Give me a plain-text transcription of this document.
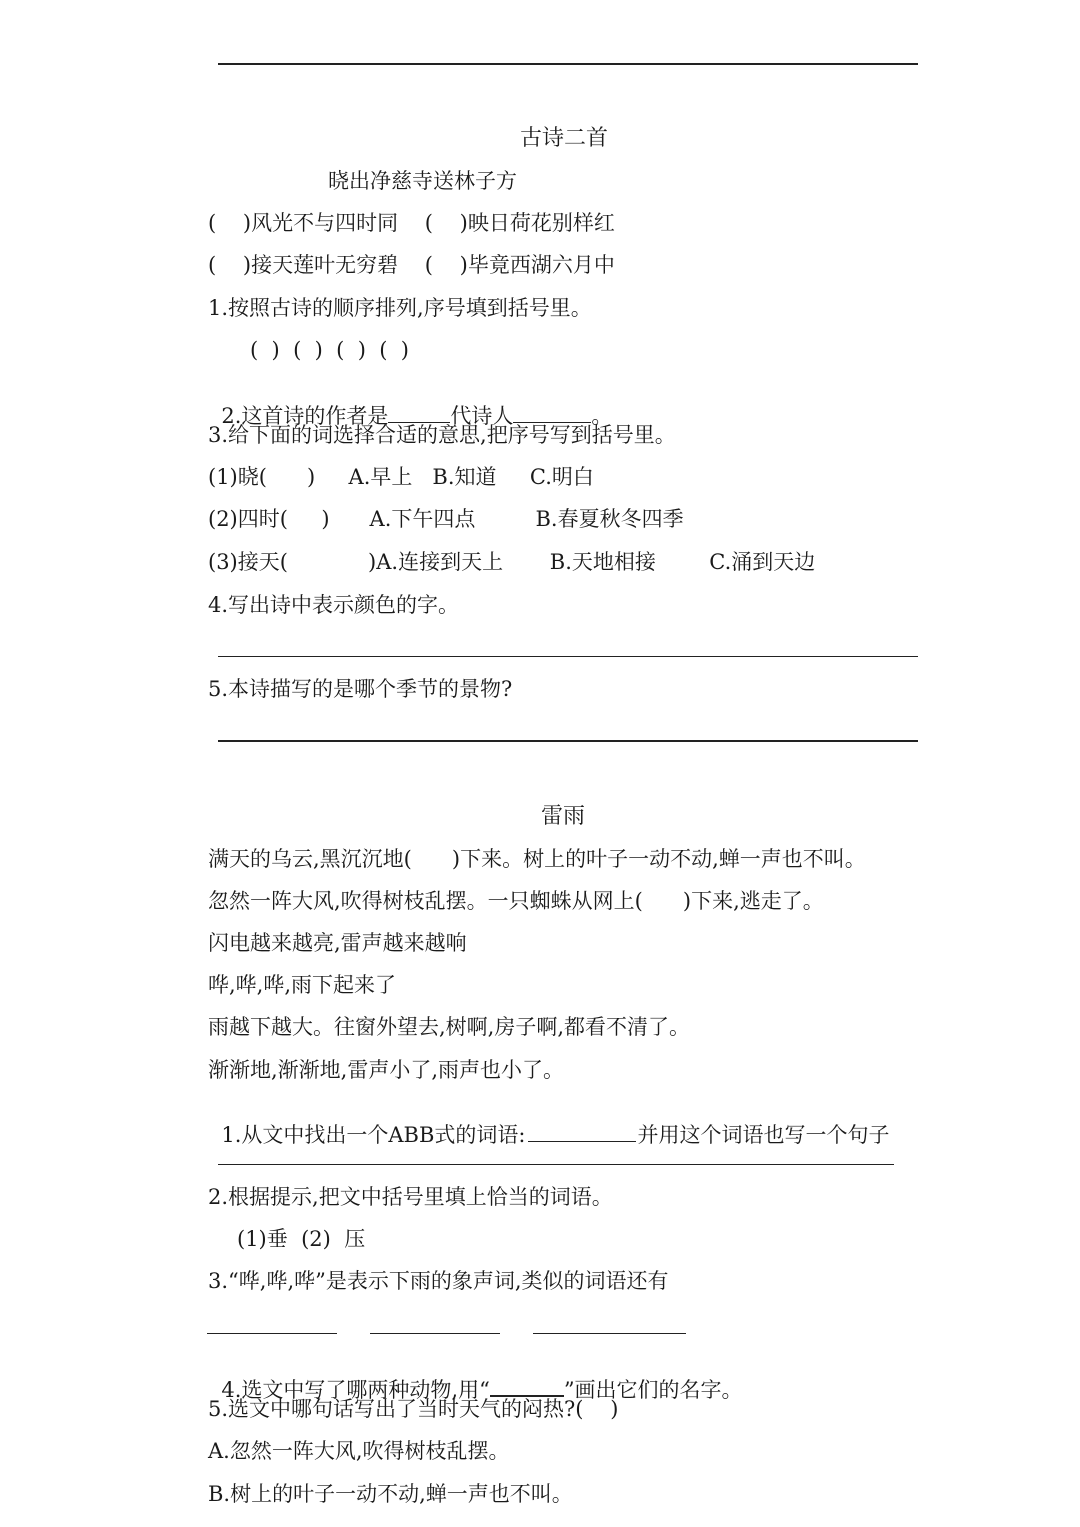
古诗二首
晓出净慈寺送林子方
(    )风光不与四时同    (    )映日荷花别样红
(    )接天莲叶无穷碧    (    )毕竟西湖六月中
1.按照古诗的顺序排列,序号填到括号里。
(  )  (  )  (  )  (  )

2.这首诗的作者是	代诗人	。

3.给下面的词选择合适的意思,把序号写到括号里。
(1)晓(      )     A.早上   B.知道     C.明白
(2)四时(     )      A.下午四点         B.春夏秋冬四季
(3)接天(            )A.连接到天上       B.天地相接        C.涌到天边
4.写出诗中表示颜色的字。
5.本诗描写的是哪个季节的景物?
雷雨
满天的乌云,黑沉沉地(      )下来。树上的叶子一动不动,蝉一声也不叫。
忽然一阵大风,吹得树枝乱摆。一只蜘蛛从网上(      )下来,逃走了。
闪电越来越亮,雷声越来越响
哗,哗,哗,雨下起来了
雨越下越大。往窗外望去,树啊,房子啊,都看不清了。
渐渐地,渐渐地,雷声小了,雨声也小了。

1.从文中找出一个ABB式的词语:	并用这个词语也写一个句子

2.根据提示,把文中括号里填上恰当的词语。
(1)垂  (2)  压
3.“哗,哗,哗”是表示下雨的象声词,类似的词语还有

4.选文中写了哪两种动物,用“	”画出它们的名字。

5.选文中哪句话写出了当时天气的闷热?(    )
A.忽然一阵大风,吹得树枝乱摆。
B.树上的叶子一动不动,蝉一声也不叫。
